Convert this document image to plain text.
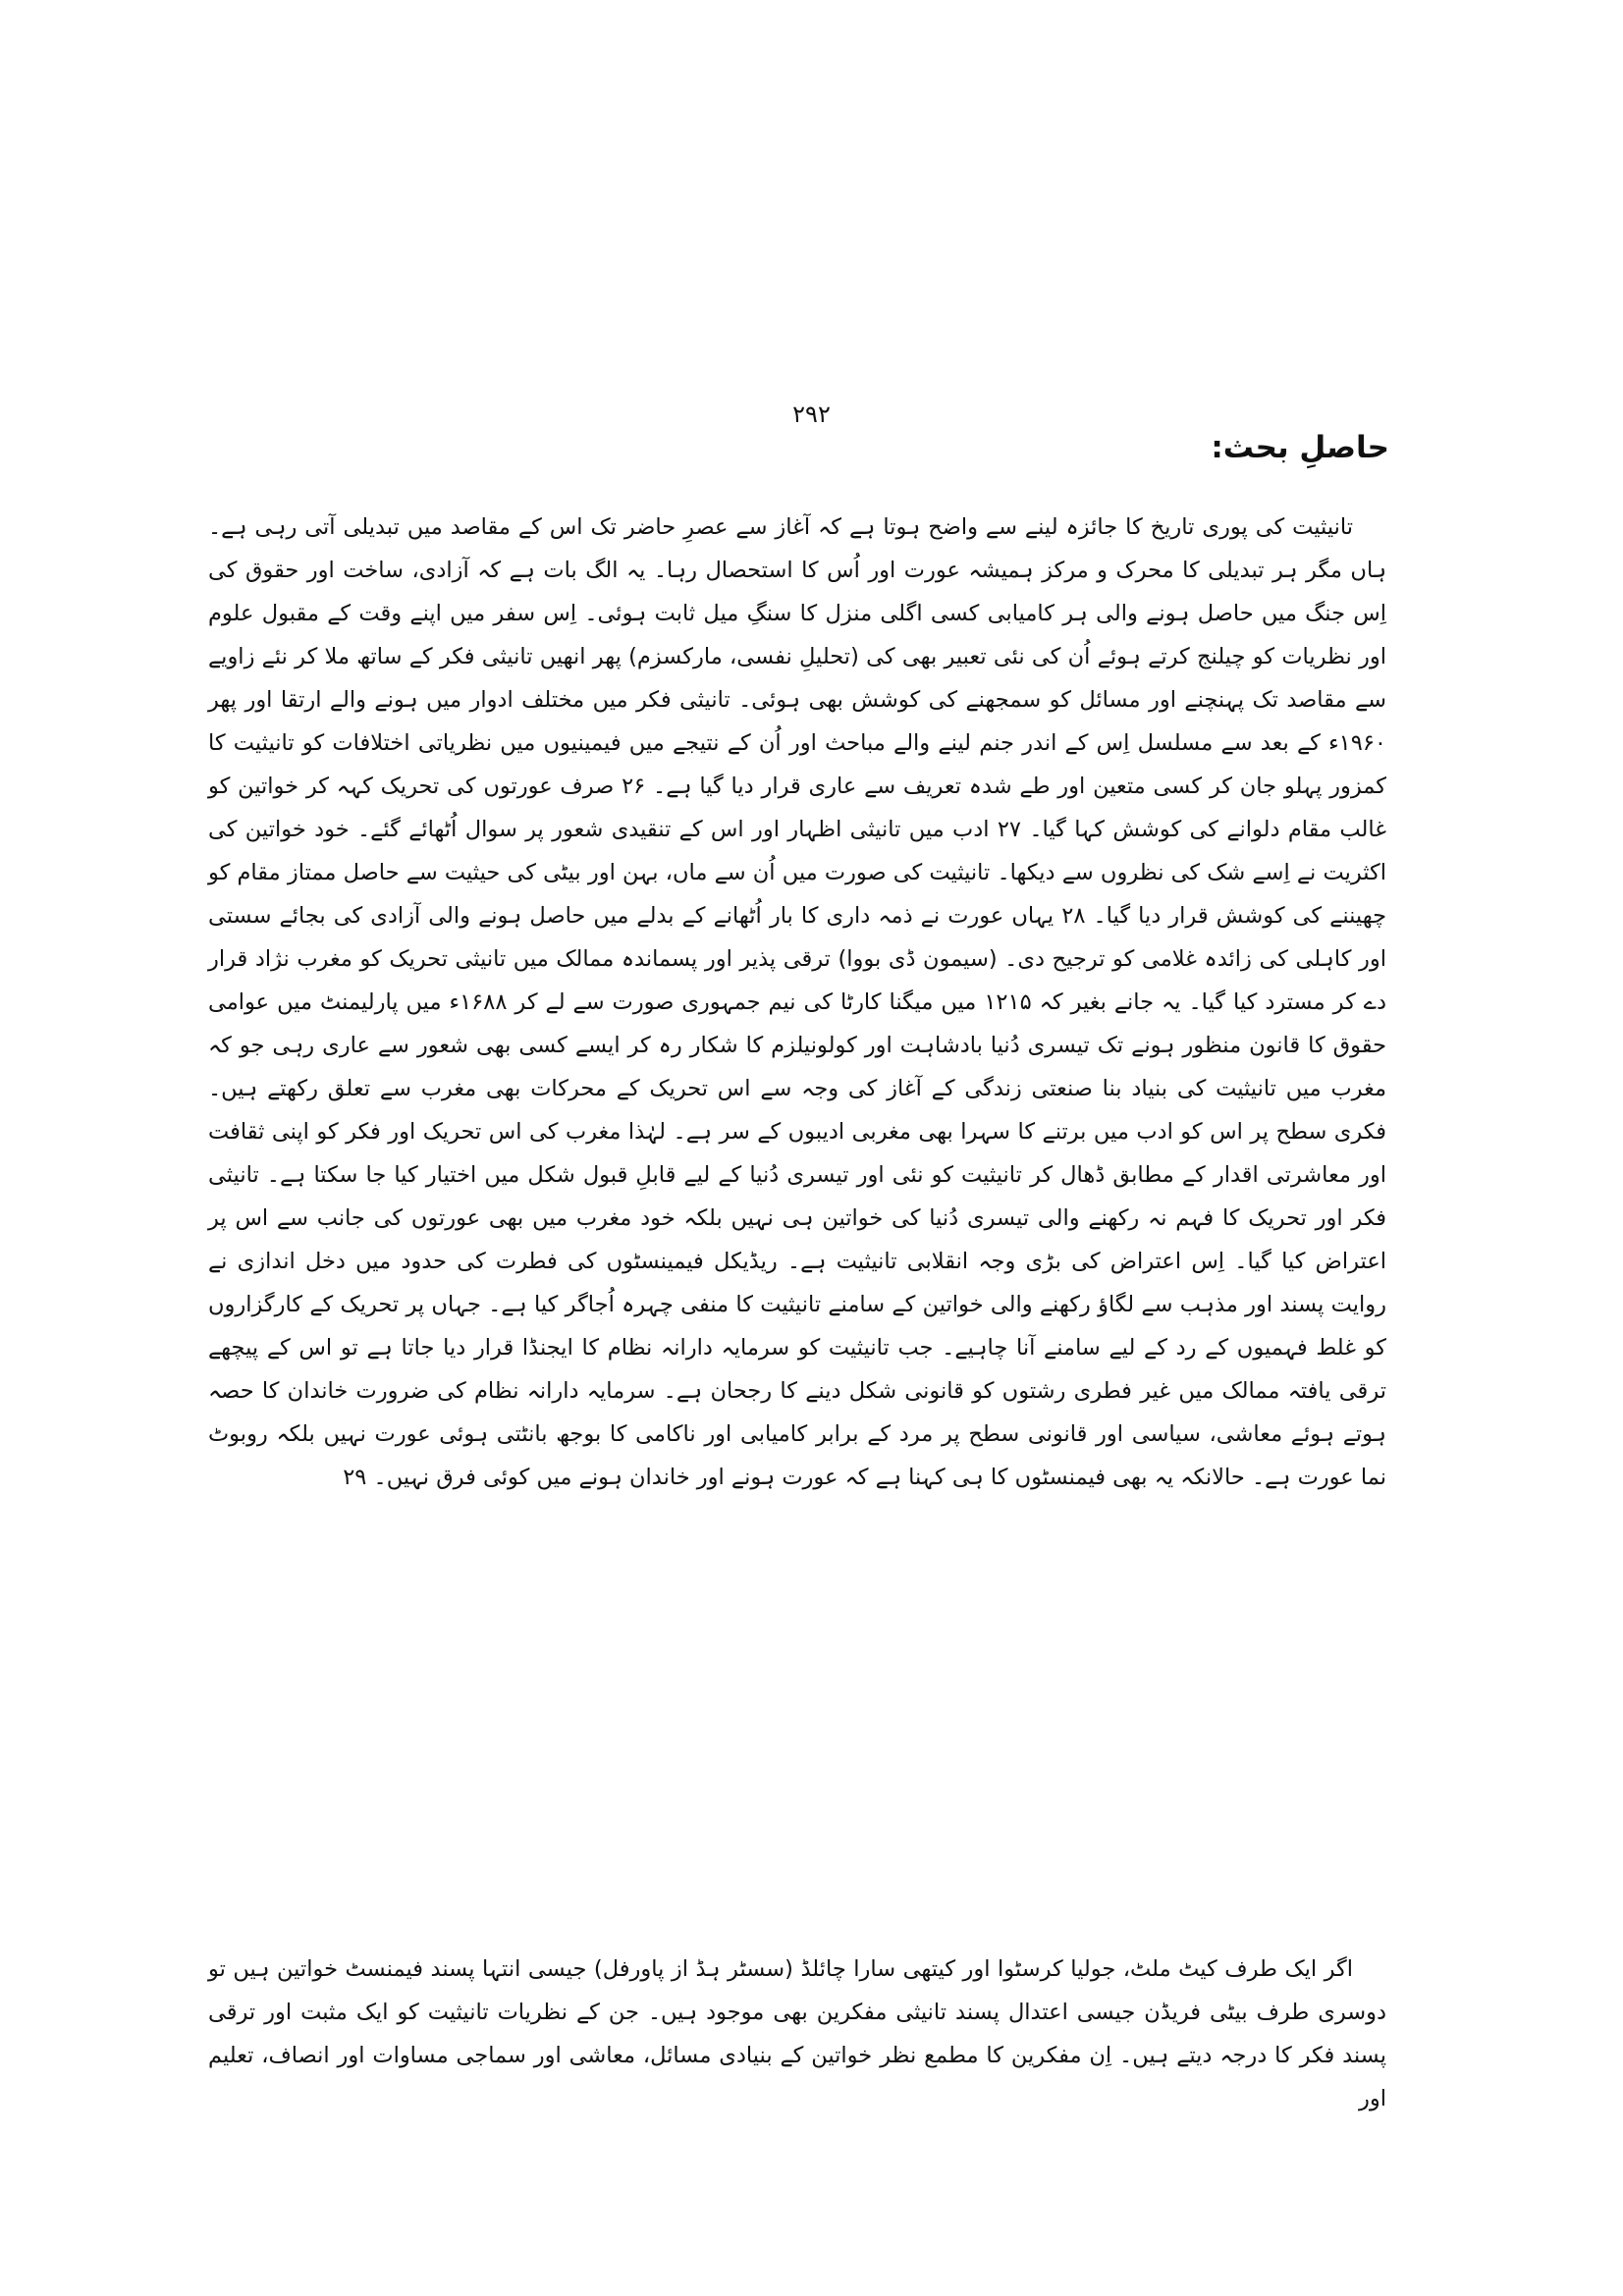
۲۹۲
حاصلِ بحث:

تانیثیت کی پوری تاریخ کا جائزہ لینے سے واضح ہوتا ہے کہ آغاز سے عصرِ حاضر تک اس کے مقاصد میں تبدیلی آتی رہی ہے۔ ہاں مگر ہر تبدیلی کا محرک و مرکز ہمیشہ عورت اور اُس کا استحصال رہا۔ یہ الگ بات ہے کہ آزادی، ساخت اور حقوق کی اِس جنگ میں حاصل ہونے والی ہر کامیابی کسی اگلی منزل کا سنگِ میل ثابت ہوئی۔ اِس سفر میں اپنے وقت کے مقبول علوم اور نظریات کو چیلنج کرتے ہوئے اُن کی نئی تعبیر بھی کی (تحلیلِ نفسی، مارکسزم) پھر انھیں تانیثی فکر کے ساتھ ملا کر نئے زاویے سے مقاصد تک پہنچنے اور مسائل کو سمجھنے کی کوشش بھی ہوئی۔ تانیثی فکر میں مختلف ادوار میں ہونے والے ارتقا اور پھر ۱۹۶۰ء کے بعد سے مسلسل اِس کے اندر جنم لینے والے مباحث اور اُن کے نتیجے میں فیمینیوں میں نظریاتی اختلافات کو تانیثیت کا کمزور پہلو جان کر کسی متعین اور طے شدہ تعریف سے عاری قرار دیا گیا ہے۔ ۲۶ صرف عورتوں کی تحریک کہہ کر خواتین کو غالب مقام دلوانے کی کوشش کہا گیا۔ ۲۷ ادب میں تانیثی اظہار اور اس کے تنقیدی شعور پر سوال اُٹھائے گئے۔ خود خواتین کی اکثریت نے اِسے شک کی نظروں سے دیکھا۔ تانیثیت کی صورت میں اُن سے ماں، بہن اور بیٹی کی حیثیت سے حاصل ممتاز مقام کو چھیننے کی کوشش قرار دیا گیا۔ ۲۸ یہاں عورت نے ذمہ داری کا بار اُٹھانے کے بدلے میں حاصل ہونے والی آزادی کی بجائے سستی اور کاہلی کی زائدہ غلامی کو ترجیح دی۔ (سیمون ڈی بووا) ترقی پذیر اور پسماندہ ممالک میں تانیثی تحریک کو مغرب نژاد قرار دے کر مسترد کیا گیا۔ یہ جانے بغیر کہ ۱۲۱۵ میں میگنا کارٹا کی نیم جمہوری صورت سے لے کر ۱۶۸۸ء میں پارلیمنٹ میں عوامی حقوق کا قانون منظور ہونے تک تیسری دُنیا بادشاہت اور کولونیلزم کا شکار رہ کر ایسے کسی بھی شعور سے عاری رہی جو کہ مغرب میں تانیثیت کی بنیاد بنا صنعتی زندگی کے آغاز کی وجہ سے اس تحریک کے محرکات بھی مغرب سے تعلق رکھتے ہیں۔ فکری سطح پر اس کو ادب میں برتنے کا سہرا بھی مغربی ادیبوں کے سر ہے۔ لہٰذا مغرب کی اس تحریک اور فکر کو اپنی ثقافت اور معاشرتی اقدار کے مطابق ڈھال کر تانیثیت کو نئی اور تیسری دُنیا کے لیے قابلِ قبول شکل میں اختیار کیا جا سکتا ہے۔ تانیثی فکر اور تحریک کا فہم نہ رکھنے والی تیسری دُنیا کی خواتین ہی نہیں بلکہ خود مغرب میں بھی عورتوں کی جانب سے اس پر اعتراض کیا گیا۔ اِس اعتراض کی بڑی وجہ انقلابی تانیثیت ہے۔ ریڈیکل فیمینسٹوں کی فطرت کی حدود میں دخل اندازی نے روایت پسند اور مذہب سے لگاؤ رکھنے والی خواتین کے سامنے تانیثیت کا منفی چہرہ اُجاگر کیا ہے۔ جہاں پر تحریک کے کارگزاروں کو غلط فہمیوں کے رد کے لیے سامنے آنا چاہیے۔ جب تانیثیت کو سرمایہ دارانہ نظام کا ایجنڈا قرار دیا جاتا ہے تو اس کے پیچھے ترقی یافتہ ممالک میں غیر فطری رشتوں کو قانونی شکل دینے کا رجحان ہے۔ سرمایہ دارانہ نظام کی ضرورت خاندان کا حصہ ہوتے ہوئے معاشی، سیاسی اور قانونی سطح پر مرد کے برابر کامیابی اور ناکامی کا بوجھ بانٹتی ہوئی عورت نہیں بلکہ روبوٹ نما عورت ہے۔ حالانکہ یہ بھی فیمنسٹوں کا ہی کہنا ہے کہ عورت ہونے اور خاندان ہونے میں کوئی فرق نہیں۔ ۲۹

اگر ایک طرف کیٹ ملٹ، جولیا کرسٹوا اور کیتھی سارا چائلڈ (سسٹر ہڈ از پاورفل) جیسی انتہا پسند فیمنسٹ خواتین ہیں تو دوسری طرف بیٹی فریڈن جیسی اعتدال پسند تانیثی مفکرین بھی موجود ہیں۔ جن کے نظریات تانیثیت کو ایک مثبت اور ترقی پسند فکر کا درجہ دیتے ہیں۔ اِن مفکرین کا مطمع نظر خواتین کے بنیادی مسائل، معاشی اور سماجی مساوات اور انصاف، تعلیم اور
